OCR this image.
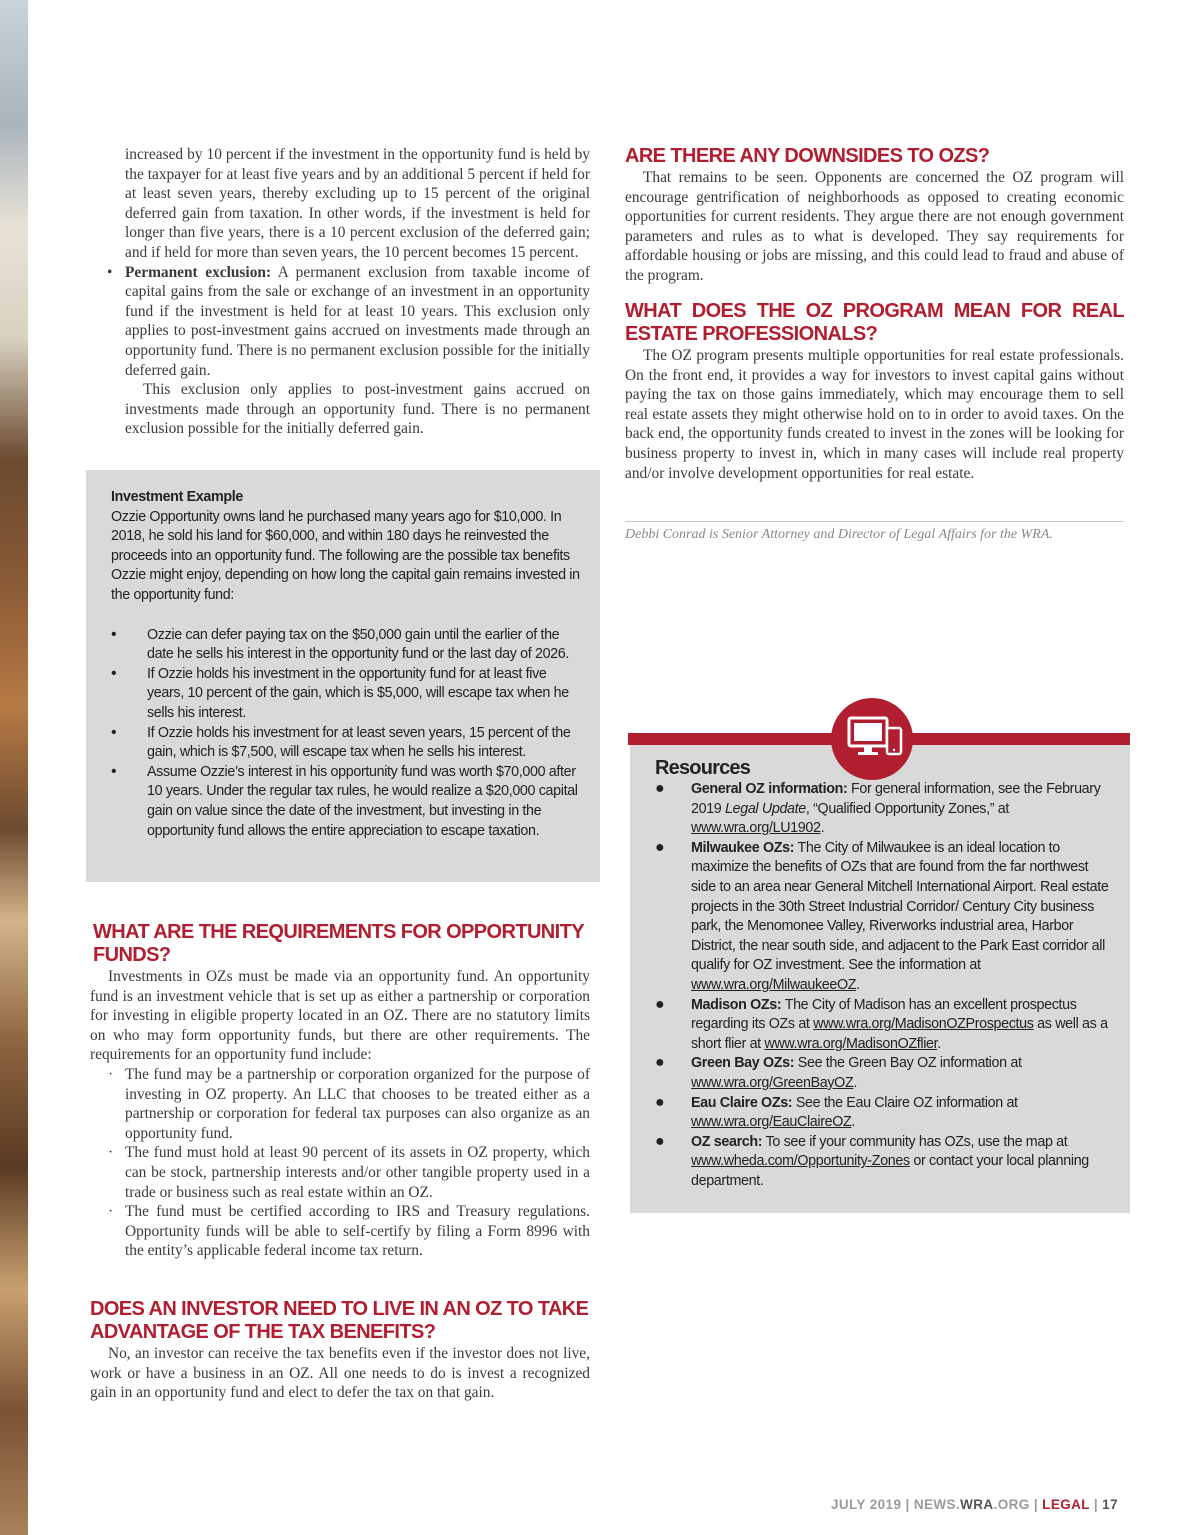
increased by 10 percent if the investment in the opportunity fund is held by the taxpayer for at least five years and by an additional 5 percent if held for at least seven years, thereby excluding up to 15 percent of the original deferred gain from taxation. In other words, if the investment is held for longer than five years, there is a 10 percent exclusion of the deferred gain; and if held for more than seven years, the 10 percent becomes 15 percent.

• Permanent exclusion: A permanent exclusion from taxable income of capital gains from the sale or exchange of an investment in an opportunity fund if the investment is held for at least 10 years. This exclusion only applies to post-investment gains accrued on investments made through an opportunity fund. There is no permanent exclusion possible for the initially deferred gain.

This exclusion only applies to post-investment gains accrued on investments made through an opportunity fund. There is no permanent exclusion possible for the initially deferred gain.

Investment Example

Ozzie Opportunity owns land he purchased many years ago for $10,000. In 2018, he sold his land for $60,000, and within 180 days he reinvested the proceeds into an opportunity fund. The following are the possible tax benefits Ozzie might enjoy, depending on how long the capital gain remains invested in the opportunity fund:

• Ozzie can defer paying tax on the $50,000 gain until the earlier of the date he sells his interest in the opportunity fund or the last day of 2026.
• If Ozzie holds his investment in the opportunity fund for at least five years, 10 percent of the gain, which is $5,000, will escape tax when he sells his interest.
• If Ozzie holds his investment for at least seven years, 15 percent of the gain, which is $7,500, will escape tax when he sells his interest.
• Assume Ozzie’s interest in his opportunity fund was worth $70,000 after 10 years. Under the regular tax rules, he would realize a $20,000 capital gain on value since the date of the investment, but investing in the opportunity fund allows the entire appreciation to escape taxation.
WHAT ARE THE REQUIREMENTS FOR OPPORTUNITY FUNDS?

Investments in OZs must be made via an opportunity fund. An opportunity fund is an investment vehicle that is set up as either a partnership or corporation for investing in eligible property located in an OZ. There are no statutory limits on who may form opportunity funds, but there are other requirements. The requirements for an opportunity fund include:

· The fund may be a partnership or corporation organized for the purpose of investing in OZ property. An LLC that chooses to be treated either as a partnership or corporation for federal tax purposes can also organize as an opportunity fund.
· The fund must hold at least 90 percent of its assets in OZ property, which can be stock, partnership interests and/or other tangible property used in a trade or business such as real estate within an OZ.
· The fund must be certified according to IRS and Treasury regulations. Opportunity funds will be able to self-certify by filing a Form 8996 with the entity’s applicable federal income tax return.
DOES AN INVESTOR NEED TO LIVE IN AN OZ TO TAKE ADVANTAGE OF THE TAX BENEFITS?

No, an investor can receive the tax benefits even if the investor does not live, work or have a business in an OZ. All one needs to do is invest a recognized gain in an opportunity fund and elect to defer the tax on that gain.

ARE THERE ANY DOWNSIDES TO OZS?

That remains to be seen. Opponents are concerned the OZ program will encourage gentrification of neighborhoods as opposed to creating economic opportunities for current residents. They argue there are not enough government parameters and rules as to what is developed. They say requirements for affordable housing or jobs are missing, and this could lead to fraud and abuse of the program.

WHAT DOES THE OZ PROGRAM MEAN FOR REAL ESTATE PROFESSIONALS?

The OZ program presents multiple opportunities for real estate professionals. On the front end, it provides a way for investors to invest capital gains without paying the tax on those gains immediately, which may encourage them to sell real estate assets they might otherwise hold on to in order to avoid taxes. On the back end, the opportunity funds created to invest in the zones will be looking for business property to invest in, which in many cases will include real property and/or involve development opportunities for real estate.

Debbi Conrad is Senior Attorney and Director of Legal Affairs for the WRA.

Resources

● General OZ information: For general information, see the February 2019 Legal Update, “Qualified Opportunity Zones,” at www.wra.org/LU1902.
● Milwaukee OZs: The City of Milwaukee is an ideal location to maximize the benefits of OZs that are found from the far northwest side to an area near General Mitchell International Airport. Real estate projects in the 30th Street Industrial Corridor/ Century City business park, the Menomonee Valley, Riverworks industrial area, Harbor District, the near south side, and adjacent to the Park East corridor all qualify for OZ investment. See the information at www.wra.org/MilwaukeeOZ.
● Madison OZs: The City of Madison has an excellent prospectus regarding its OZs at www.wra.org/MadisonOZProspectus as well as a short flier at www.wra.org/MadisonOZflier.
● Green Bay OZs: See the Green Bay OZ information at www.wra.org/GreenBayOZ.
● Eau Claire OZs: See the Eau Claire OZ information at www.wra.org/EauClaireOZ.
● OZ search: To see if your community has OZs, use the map at www.wheda.com/Opportunity-Zones or contact your local planning department.
JULY 2019 | NEWS.WRA.ORG | LEGAL | 17
